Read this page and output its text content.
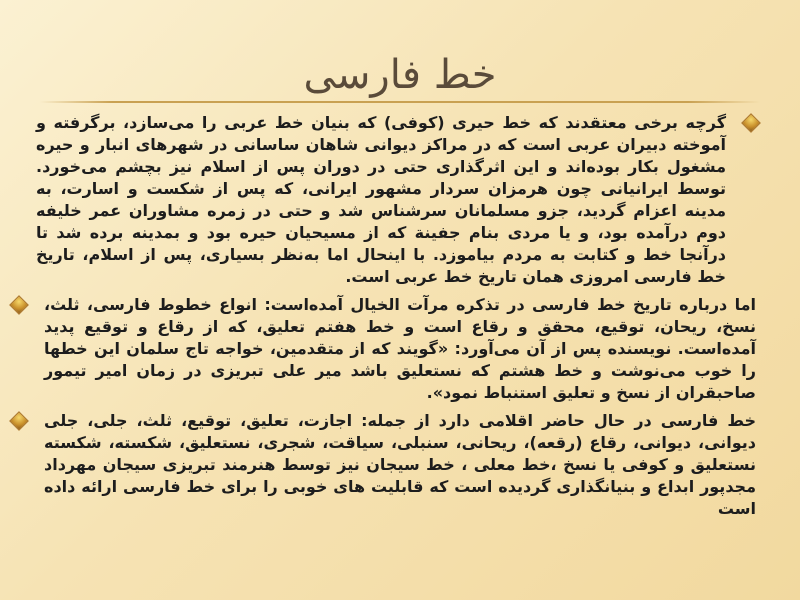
خط فارسی

گرچه برخی معتقدند که خط حیری (کوفی) که بنیان خط عربی را می‌سازد، برگرفته و آموخته دبیران عربی است که در مراکز دیوانی شاهان ساسانی در شهرهای انبار و حیره مشغول بکار بوده‌اند و این اثرگذاری حتی در دوران پس از اسلام نیز بچشم می‌خورد. توسط ایرانیانی چون هرمزان سردار مشهور ایرانی، که پس از شکست و اسارت، به مدینه اعزام گردید، جزو مسلمانان سرشناس شد و حتی در زمره مشاوران عمر خلیفه دوم درآمده بود، و یا مردی بنام جفینة که از مسیحیان حیره بود و بمدینه برده شد تا درآنجا خط و کتابت به مردم بیاموزد. با اینحال اما به‌نظر بسیاری، پس از اسلام، تاریخ خط فارسی امروزی همان تاریخ خط عربی است.

اما درباره تاریخ خط فارسی در تذکره مرآت الخیال آمده‌است: انواع خطوط فارسی، ثلث، نسخ، ریحان، توقیع، محقق و رقاع است و خط هفتم تعلیق، که از رقاع و توقیع پدید آمده‌است. نویسنده پس از آن می‌آورد: «گویند که از متقدمین، خواجه تاج سلمان این خطها را خوب می‌نوشت و خط هشتم که نستعلیق باشد میر علی تبریزی در زمان امیر تیمور صاحبقران از نسخ و تعلیق استنباط نمود».

خط فارسی در حال حاضر اقلامی دارد از جمله: اجازت، تعلیق، توقیع، ثلث، جلی، جلی دیوانی، دیوانی، رقاع (رقعه)، ریحانی، سنبلی، سیاقت، شجری، نستعلیق، شکسته، شکسته نستعلیق و کوفی یا نسخ ،خط معلی ، خط سیجان نیز توسط هنرمند تبریزی سیجان مهرداد مجدپور ابداع و بنیانگذاری گردیده است که قابلیت های خوبی را برای خط فارسی ارائه داده است
